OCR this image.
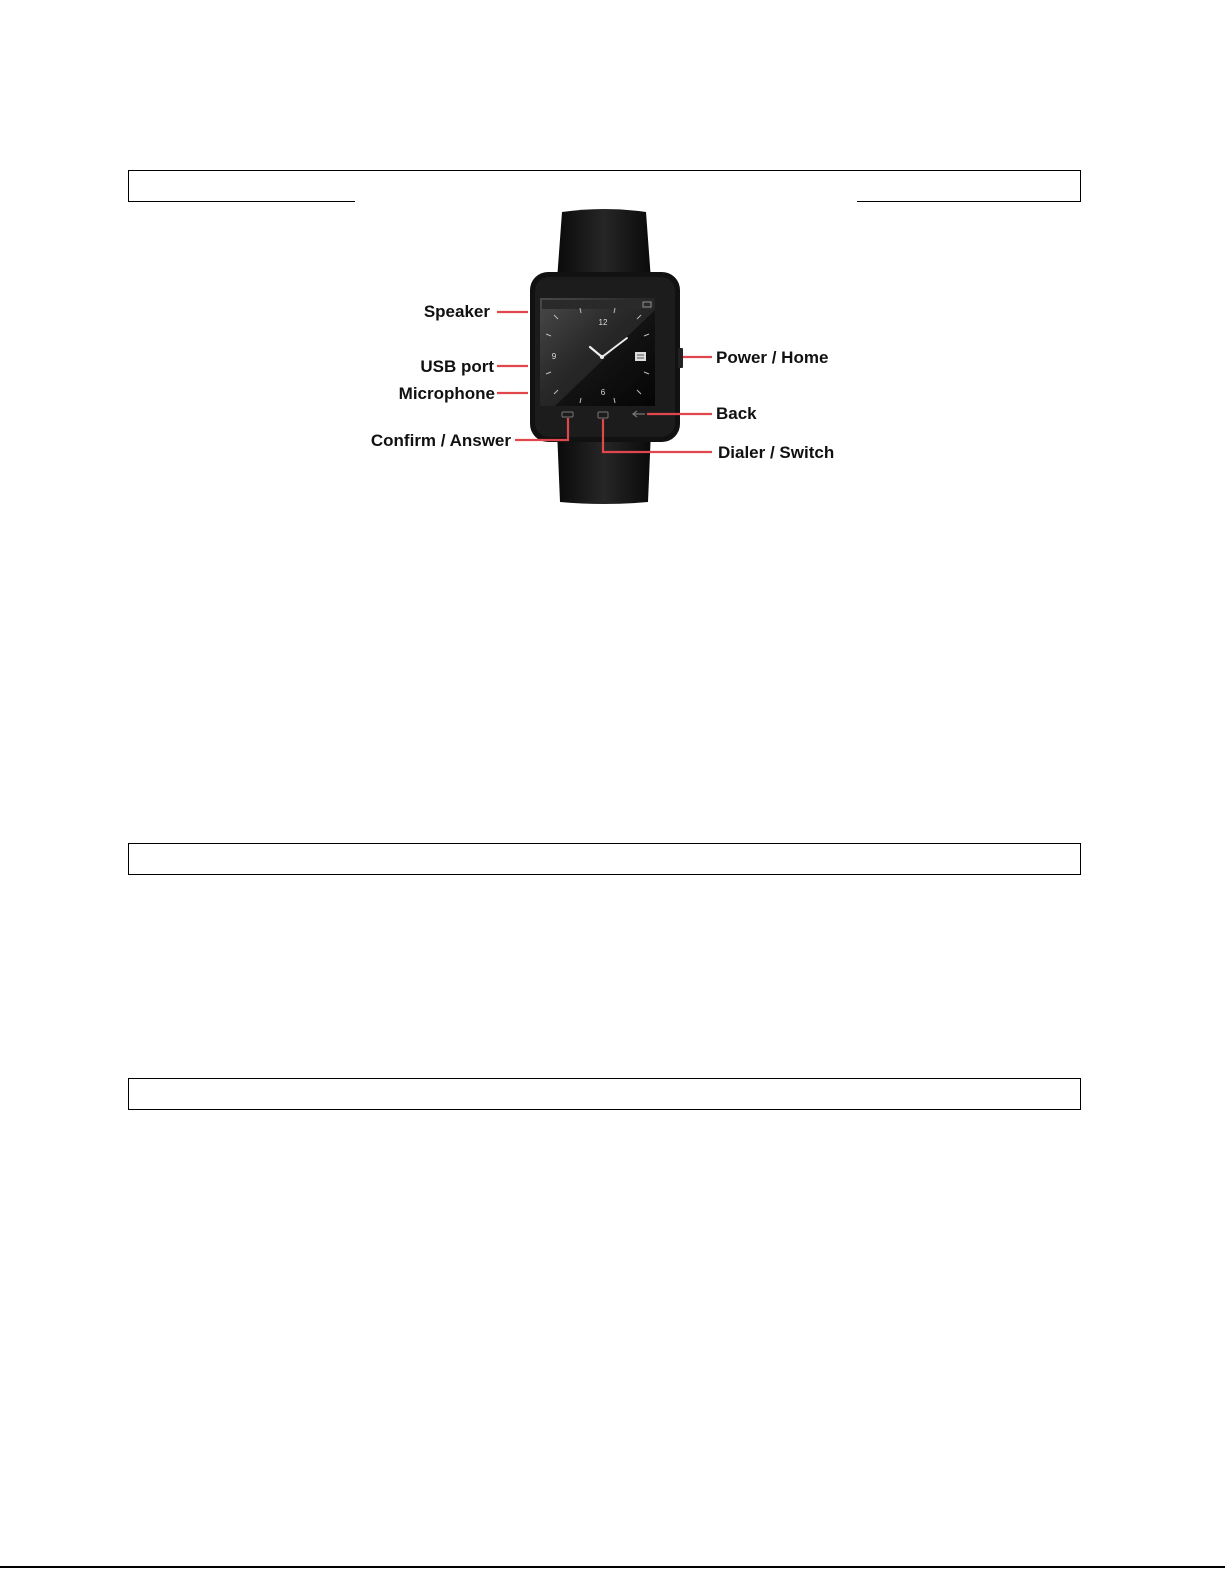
12
9
6
Speaker
USB port
Microphone
Confirm / Answer
Power / Home
Back
Dialer / Switch
